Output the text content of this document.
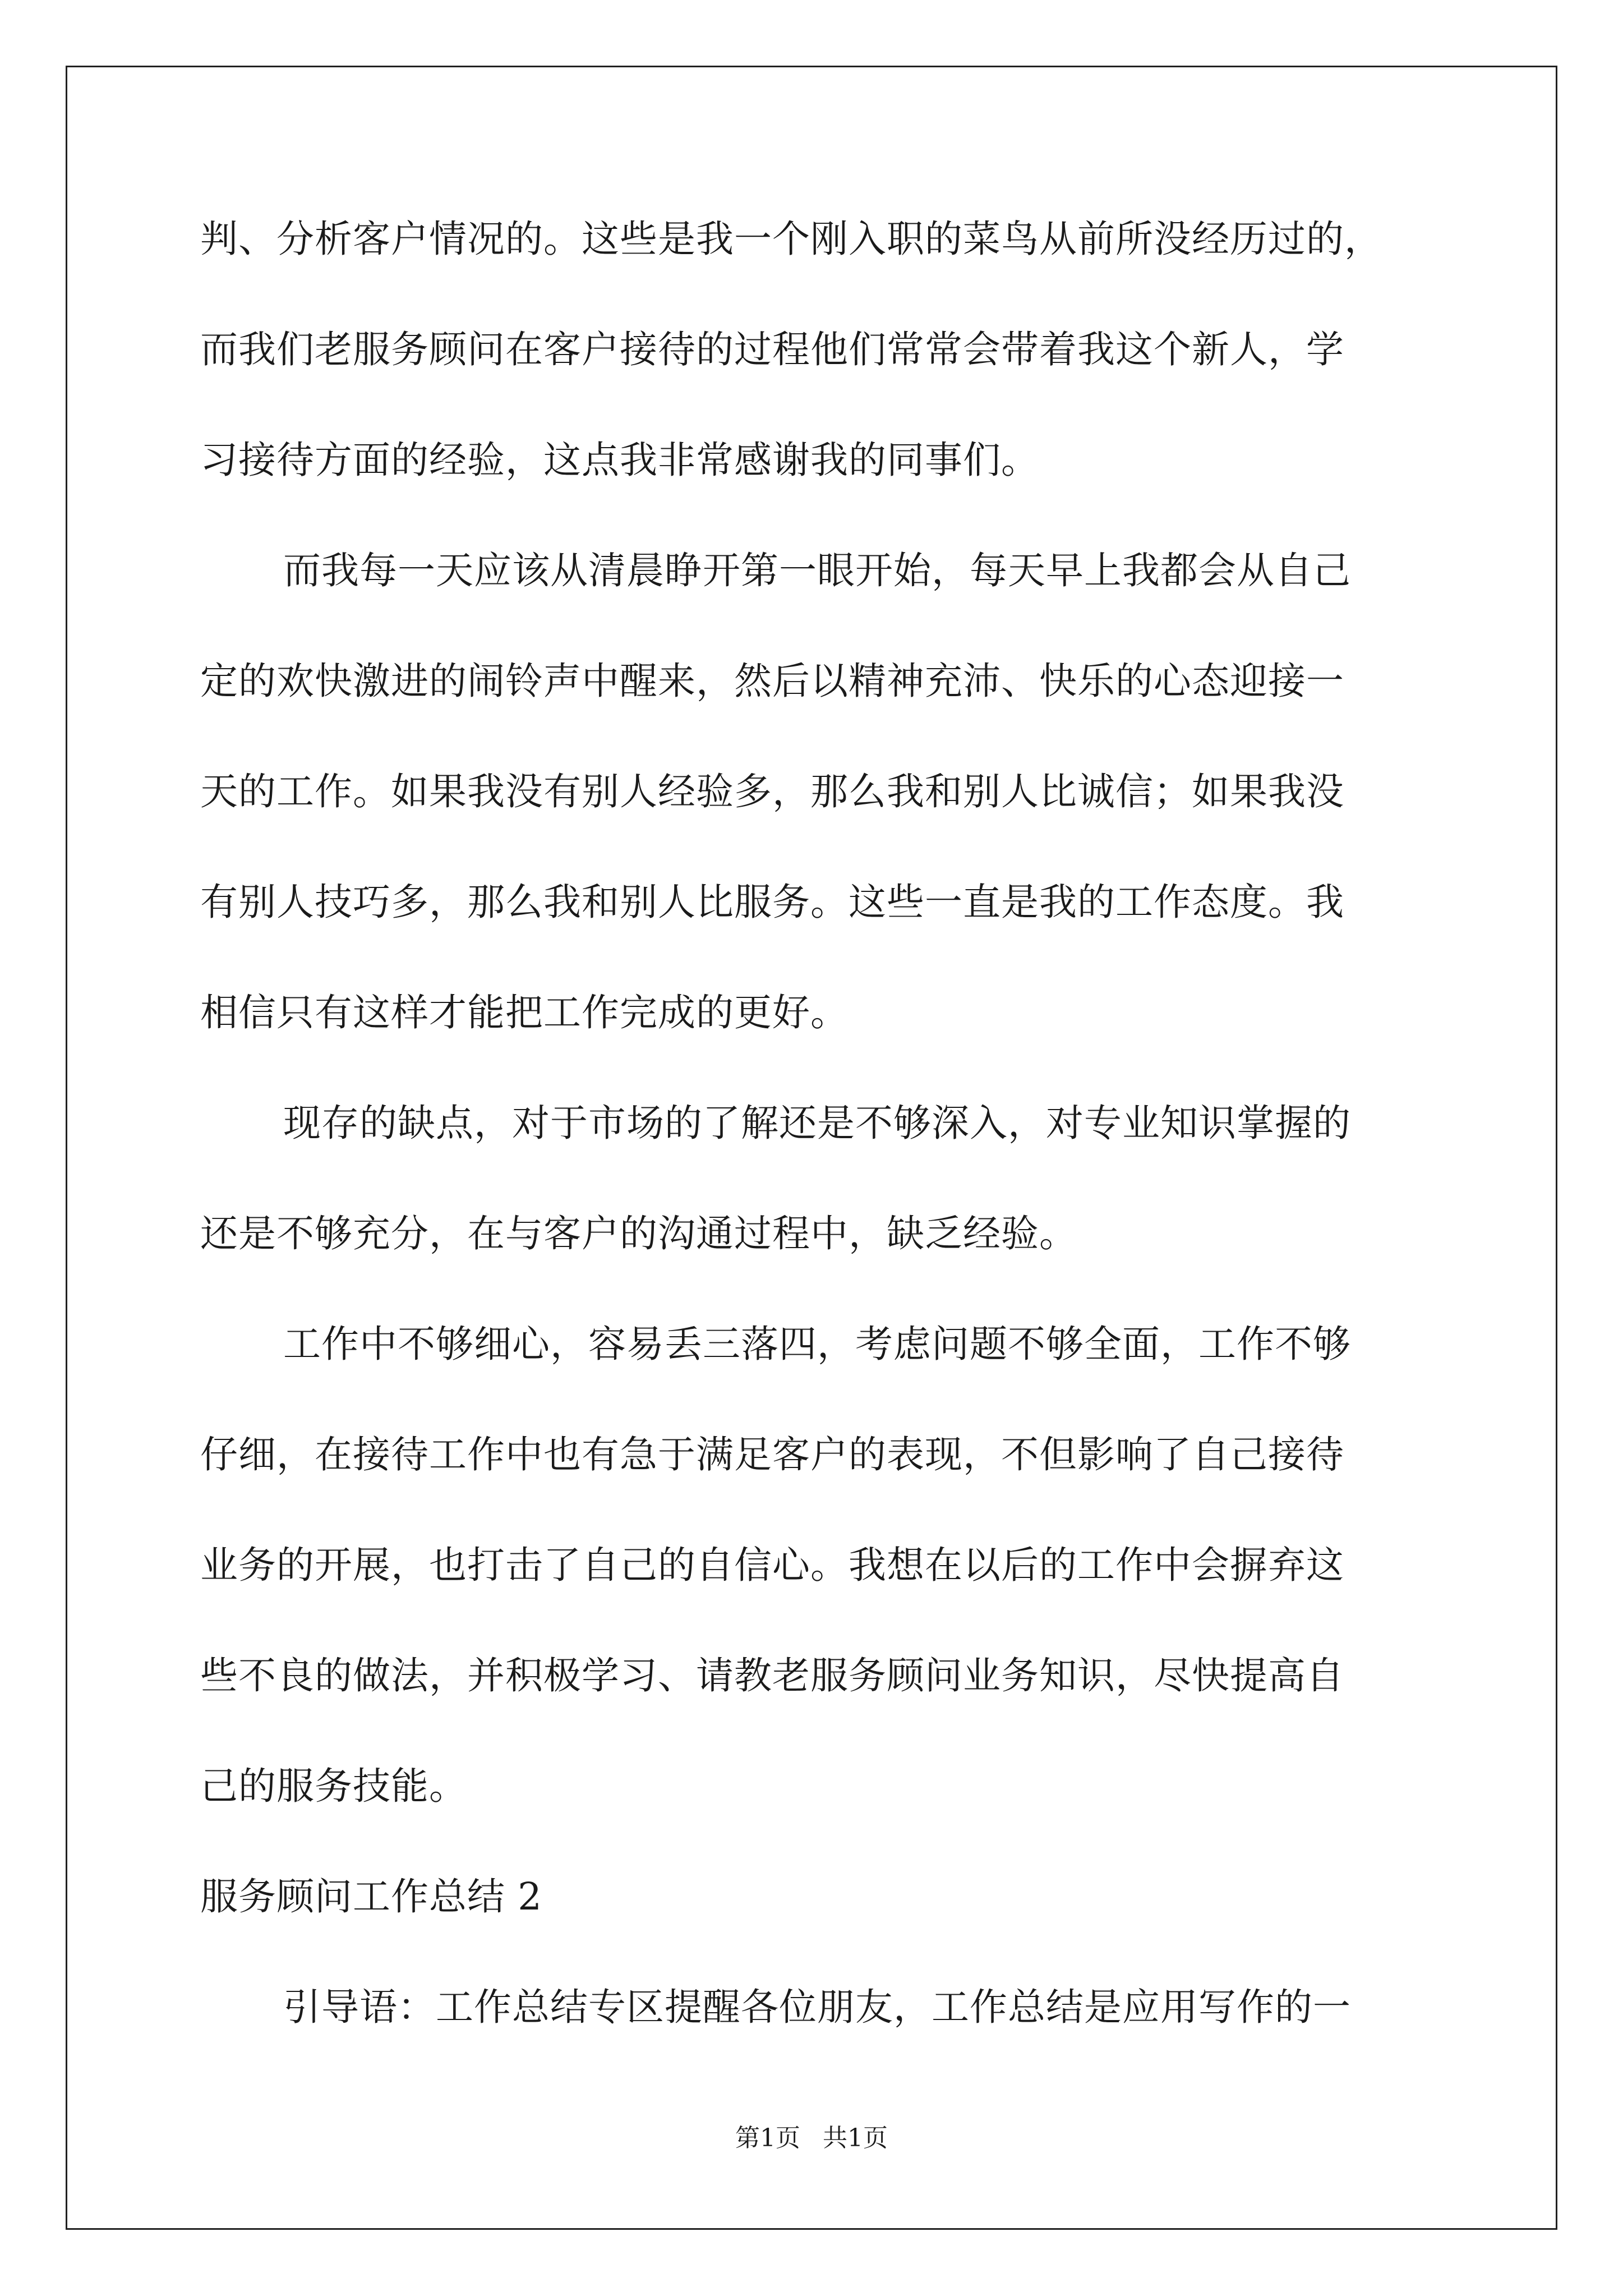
判、分析客户情况的。这些是我一个刚入职的菜鸟从前所没经历过的，
而我们老服务顾问在客户接待的过程他们常常会带着我这个新人，学
习接待方面的经验，这点我非常感谢我的同事们。
而我每一天应该从清晨睁开第一眼开始，每天早上我都会从自己
定的欢快激进的闹铃声中醒来，然后以精神充沛、快乐的心态迎接一
天的工作。如果我没有别人经验多，那么我和别人比诚信；如果我没
有别人技巧多，那么我和别人比服务。这些一直是我的工作态度。我
相信只有这样才能把工作完成的更好。
现存的缺点，对于市场的了解还是不够深入，对专业知识掌握的
还是不够充分，在与客户的沟通过程中，缺乏经验。
工作中不够细心，容易丢三落四，考虑问题不够全面，工作不够
仔细，在接待工作中也有急于满足客户的表现，不但影响了自己接待
业务的开展，也打击了自己的自信心。我想在以后的工作中会摒弃这
些不良的做法，并积极学习、请教老服务顾问业务知识，尽快提高自
己的服务技能。
服务顾问工作总结 2
引导语：工作总结专区提醒各位朋友，工作总结是应用写作的一
第1页 共1页
